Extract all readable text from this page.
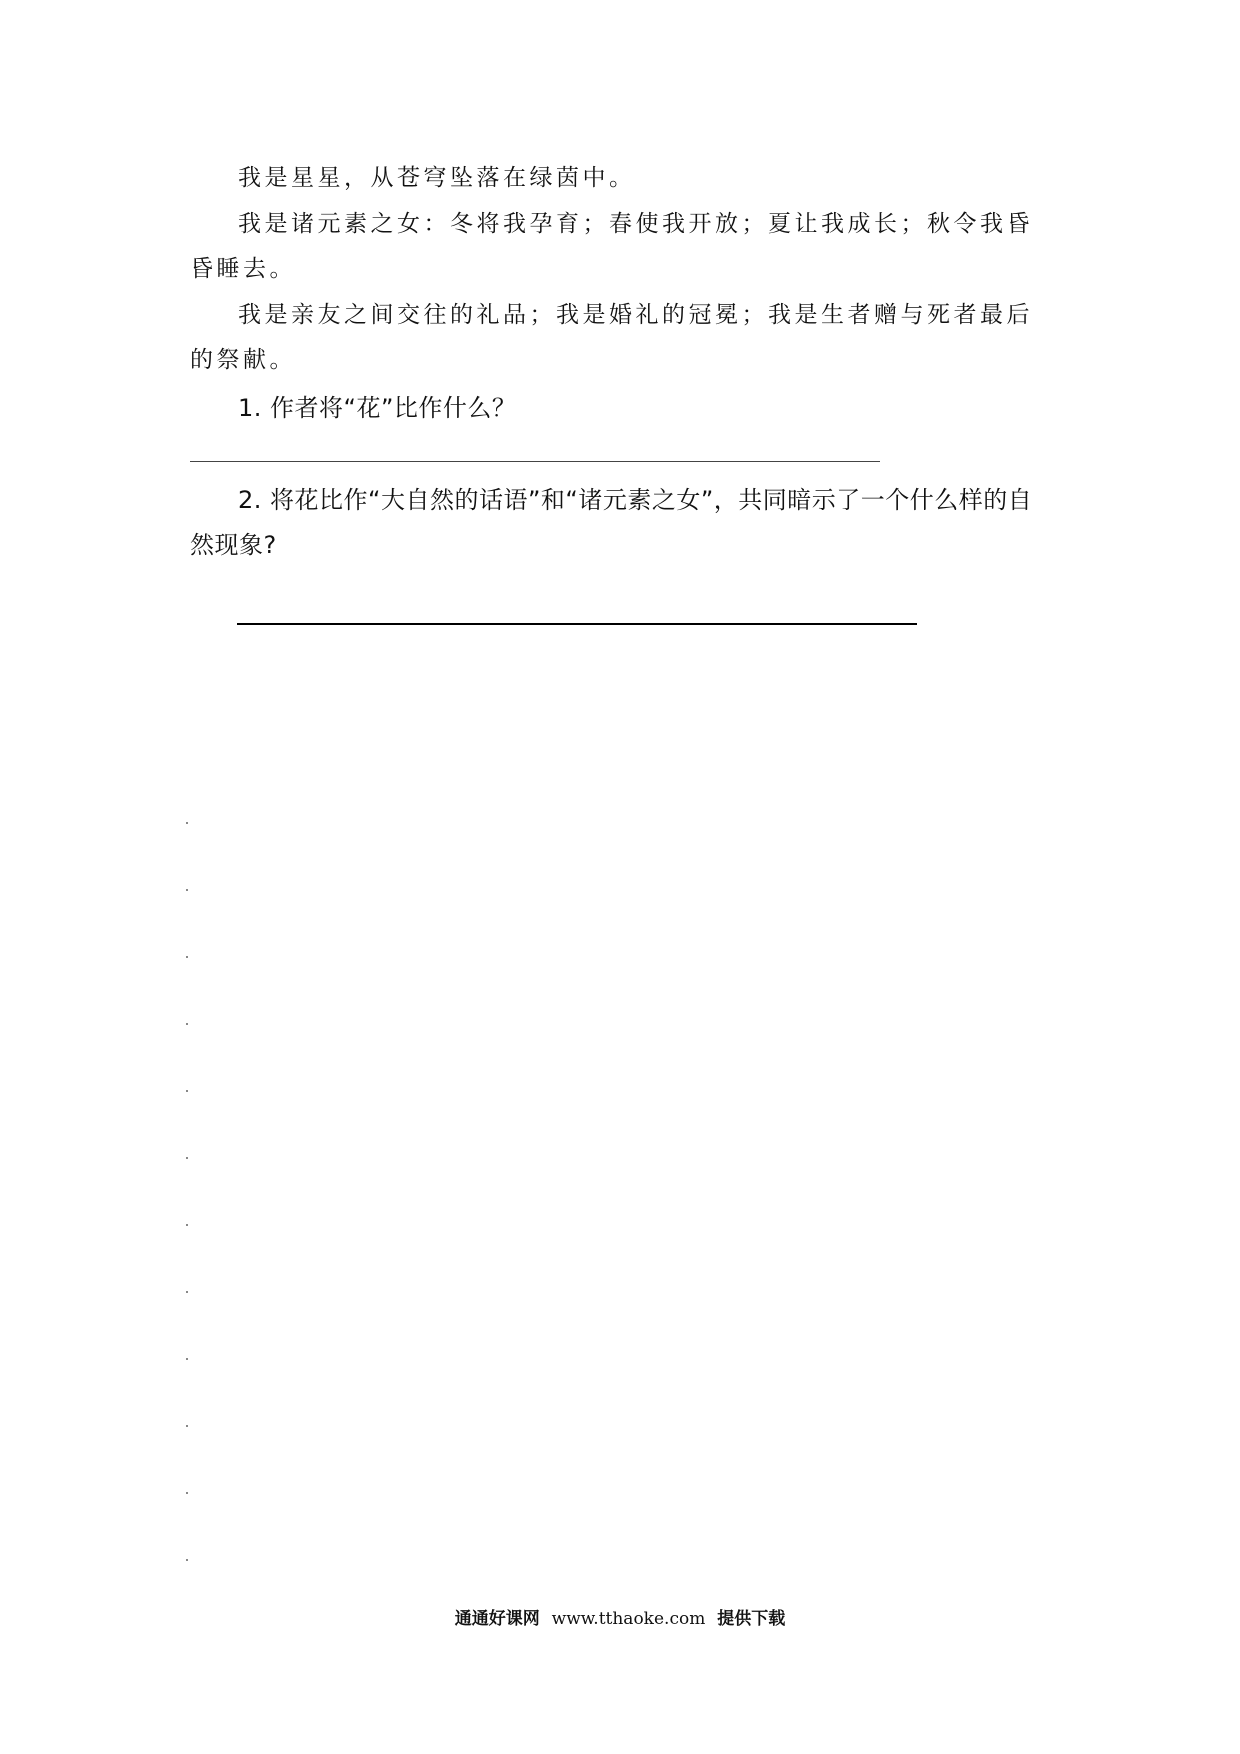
我是星星，从苍穹坠落在绿茵中。

我是诸元素之女：冬将我孕育；春使我开放；夏让我成长；秋令我昏昏睡去。

我是亲友之间交往的礼品；我是婚礼的冠冕；我是生者赠与死者最后的祭献。

1. 作者将“花”比作什么？

2. 将花比作“大自然的话语”和“诸元素之女”，共同暗示了一个什么样的自然现象?

通通好课网 www.tthaoke.com 提供下载
